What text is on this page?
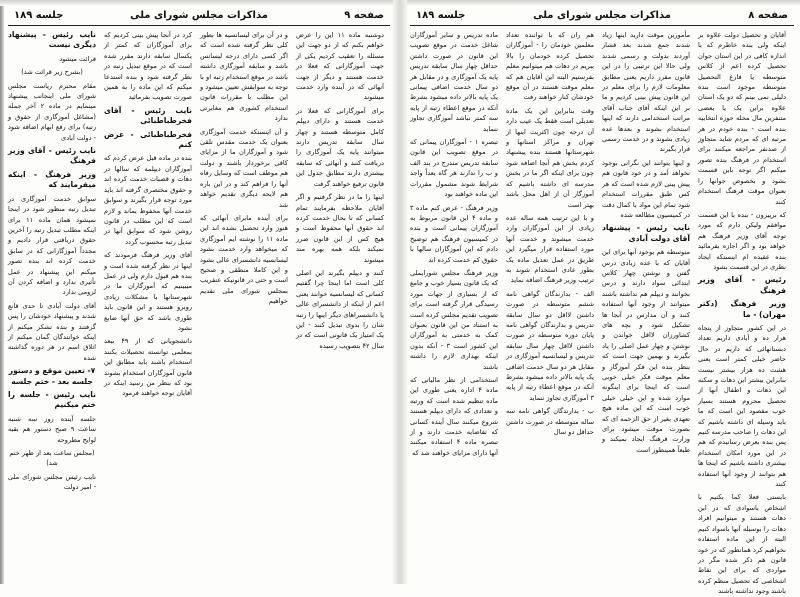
صفحه ۹
مذاکرات مجلس شورای ملی
جلسه ۱۸۹

نایب رئیس - پیشنهاد دیگری نیست

قرائت میشود

(بشرح زیر قرائت شد)

مقام محترم ریاست مجلس شورای ملی اینجانب پیشنهاد مینمایم در ماده ۲ آخر جمله (مشاغل آموزگاری از حقوق و رتبه) برای رفع ابهام اضافه شود - دولت آبادی

نایب رئیس - آقای وزیر فرهنگ

وزیر فرهنگ - اینکه میفرمایند که

سوابق خدمت آموزگاری در تبدیل رتبه منظور شود در اینجا نمیشود همان ماده ۱۱ برای اینکه مطلب تبدیل رتبه را آخرین حقوق دریافتی قرار دادیم و مجدداً آموزگارانی که در سابق خدمت کرده اند بنده تصور میکنم این پیشنهاد در عمل تأثیری ندارد و اضافه کردن آن لزومی ندارد

آقای دولت آبادی تا حدی قانع شدند و پیشنهاد خودشان را پس گرفتند و بنده تشکر میکنم از اینکه خوانندگان گمان میکنم از اتلاق اسم در هر دوره گذاشته شده

۷- تعیین موقع و دستور جلسه بعد - ختم جلسه

نایب رئیس - جلسه را ختم میکنیم

جلسه آینده روز سه شنبه ساعت ۹ صبح دستور هم بقیه لوایح مطروحه

(مجلس ساعت بعد از ظهر ختم شد)

نایب رئیس مجلس شورای ملی - امیر دولت

کرد در آنجا پیش بینی کردیم که برای آموزگاران که کمتر از یکسال سابقه دارند مقرر شده است که در موقع تبدیل رتبه در نظر گرفته شود و بنده استدعا میکنم که این ماده را به همین صورت تصویب بفرمائید

نایب رئیس - آقای فخرطباطبائی

فخرطباطبائی - عرض کنم

بنده در ماده قبل عرض کردم که آموزگاران دیپلمه که سالها در دهات و قصبات خدمت کرده اند و حقوق مختصری گرفته اند باید مورد توجه قرار بگیرند و سوابق خدمت آنها محفوظ بماند و لازم است که این مطلب در قانون روشن شود که سوابق آنها در تبدیل رتبه محسوب گردد

آقای وزیر فرهنگ فرمودند که اینها در نظر گرفته شده است و بنده هم قبول دارم ولی در عمل میبینیم که آموزگاران ما در شهرستانها با مشکلات زیادی روبرو هستند و این قانون باید طوری باشد که حق آنها ضایع نشود

دانشجویانی که از ۴۹ ببعد بمعلمی توانسته تحصیلات بکنند استخدام باشند باید مطابق این قانون آموزگاران استخدام بشوند بود که بنظر من رسید اینکه در آقایان توجه خواهند فرمود

و در آن برای لیسانسیه ها بطور کلی نظر گرفته شده است که اگر کسی دارای درجه لیسانس باشد و سابقه آموزگاری داشته باشد در موقع استخدام رتبه او با توجه به سوابقش تعیین میشود و این مطلب با مقررات قانون استخدام کشوری هم مغایرتی ندارد

و آن اینستکه خدمت آموزگاری بعنوان یک خدمت مقدس تلقی شود و آموزگاران ما از مزایای کافی برخوردار باشند و دولت هم موظف است که وسایل رفاه آنها را فراهم کند و در این باره هم لایحه دیگری تقدیم خواهد شد

برای آینده مابرای آنهائی که هنوز وارد تحصیل نشده اند این ماده ۱۱ را نوشته ایم آموزگاری که میخواهد وارد خدمت بشود لیسانسیه دانشسرای عالی بشود و این کاملا منطقی و صحیح است و حتی در قانونیکه عنقریب بمجلس شورای ملی تقدیم خواهیم

دوشنبه ماده ۱۱ این را عرض خواهم بکنم که از دو جهت این مسئله را تعقیب کردیم یکی از جهت آموزگارانی که فعلا در خدمت هستند و دیگر از جهت آنهائی که در آینده وارد خدمت میشوند

برای آموزگارانی که فعلا در خدمت هستند و دارای دیپلم کامل متوسطه هستند و چهار سال سابقه تدریس دارند میتوانند پایه یک آموزگاری را دریافت کنند و آنهائی که سابقه بیشتری دارند مطابق جدول این قانون ترفیع خواهند گرفت

اینها را ما در نظر گرفتیم و اگر آقایان ملاحظه بفرمایند تمام کسانی که تا بحال خدمت کرده اند حقوق آنها محفوظ است و هیچ کس از این قانون ضرر نمیکند بلکه همه بهره مند میشوند

کنند و دیپلم بگیرند این اصلی کلی است اما اینجا چرا گفتیم کسانی که لیسانسیه خوانند یعنی اعم از اینکه از دانشسرای عالی یا دانشسراهای دیگر اینها را رتبه شان را بدوی تبدیل کنند - این یک امتیاز یک قانونی است که در سال ۴۲ بتصویب رسیده

صفحه ۸
مذاکرات مجلس شورای ملی
جلسه ۱۸۹

ماده تدریس و سایر آموزگاران شاغل خدمت در موقع تصویب این قانون در صورت داشتن حداقل چهار سال سابقه تدریس پایه یک آموزگاری و در مقابل هر دو سال خدمت اضافی پیمانی یک پایه بالاتر داده میشود بشرط آنکه در موقع اعطاء رتبه از پایه سه کمتر نباشد آموزگاری تجاوز ننماید

تبصره ۱ - آموزگاران پیمانی که در موقع تصویب این قانون سابقه تدریس مندرج در بند الف و ب را ندارند هر گاه بعداً واجد شرایط شوند مشمول مقررات این ماده خواهند بود

وزیر فرهنگ - عرض کنم ماده ۳ و ماده ۴ این قانون مربوط به آموزگاران پیمانی است و بنده در کمیسیون فرهنگ هم توضیح دادم که این آموزگاران سالها با حقوق کم خدمت کرده اند

وزیر فرهنگ مجلس شورایملی که یک قانون بسیار خوب و جامع که از بسیاری از جهات مورد رسیدگی قرار گرفته است برای تصویب تقدیم مجلس کرده است به استناد من این قانون بعنوان کمک به خدمتی به آموزگاران این کشور است ۳ - آنکه بدون اینکه بهداری لازم را داشته باشند

استخدامی از نظر مالیاتی که ماده ۴ اداره یعنی طوری این ماده تنظیم شده است که ورتبه و تعدادی که دارای دیپلم هستند شروع میکنند سال آینده کسانی که تقاضایه خدمت دارند و از تبصره ماده ۴ استفاده میکنند آنها دارای مزایای خواهند شد که

هم ران که با تواننده تعداد معلمین خودمان را - آموزگاران تحصیل کرده خودمان را بالا ببریم در دهات هم میتوانیم معلم بفرستیم البته این آقایان هم که معلم موقت هستند در آن موقع خودشان کنار خواهند رفت

وقت بنابراین این یک ماده تعدیلی است فقط یک عیب دارد آن درجه چون اکثریت اینها از تهران و مراکز استانها و شهرستانها هستند بنده پیشنهاد کردم بخش هم آنجا اضافه شود چون برای اینکه اگر ما در بخش مدرسه ای داشته باشیم که آموزگار آن از اهل محل باشد بهتر است

و با این ترتیب همه ساله عده زیادی از این آموزگاران وارد خدمت میشوند و خدمت آنها مورد استفاده قرار میگیرد این طریق در عمل تعدیل ماده یک بطور عادی استخدام شوند به ترتیب وزیر فرهنگ اضافه نماید

الف - بدارندگان گواهی نامه ششم متوسطه در صورت داشتن لااقل دو سال سابقه تدریس و بدارندگان گواهی نامه پایان دوره متوسطه در صورت داشتن لااقل چهار سال سابقه تدریس و لیسانسیه آموزگاری در مقابل هر دو سال خدمت اضافی یک پایه بالاتر داده میشود بشرط آنکه در موقع اعطاء رتبه از پایه ۳ آموزگاری تجاوز ننماید

ب - بدارندگان گواهی نامه سه ساله متوسطه در صورت داشتن حداقل دو سال

مأمورین موقت دارید اینها زیاد شدند جمع شدند بعد فشار آوردند بدولت و رسمی شدند ولی حالا این ترتیبی را در این قانون مقرر داریم یعنی مطابق معلومات لازم را برای معلم در این قانون پیش بینی کردیم و ما بر این اینکه آقای جناب آقای مراتب استخدامی دارند که اینها استخدام بشوند و بعدها عده زیادی بشوند و در خدمت رسمی قرار بگیرند

و اینها بتوانند این نگرانی بوجود نخواهد آمد و در خود قانون هم پیش بینی لازم شده است که هر کس طبق مقررات استخدام شود تمام این مواد با کمال دقت در کمیسیون مطالعه شده

نایب رئیس - پیشنهاد آقای دولت آبادی

متوسطه هم بوجود آنها برای این آقایان که با عده زیادی درس گفتن و نوشتن چهار کلاس ابتدائی سواد دارند و درس بخوانند و دیپلم هم نداشته باشند میتوانند از وجود آنها استفاده کنند و آن مدارس در آنجا ها تشکیل شود و بچه های کشاورزان لااقل خواندن و نوشتن و چهار عمل اصلی را یاد بگیرند و بهمین جهت است که بنظر بنده این فکر آموزگار و معلم موقت فکر خیلی خوبی است که اینجا برای اینگونه موارد شده و این خیلی خیلی خوب است که این ماده هیچ تعهدی بغیر از حق الزحمه ای که بصورت موقت میشود برای وزارت فرهنگ ایجاد نمیکند و طبعاً همینطور است

آقایان و تحصیل دولت علاوه بر اینکه ولی بنده خاطرم که با اندازه کافی در این استان جوان تحصیل کرده اعم از کلاس متوسطه یا فارغ التحصیل متوسطه موجود است بنده دلیلی نمی بینم که دو یک استان علاوه براین یک یا بعضی متنفرین مال محله حوزه انتخابیه بنده است - بنده خودم در هر مرتبه ای که مردم شاید متجاوز از صدنفر مراجعه میکنند برای استخدام در فرهنگ بنده تصور میکنم اگر توجه باین قسمت بشود و بخصوص جوانها را بعنوان موقت فرهنگ استخدام کنند

که برپیرون - بنده با این قسمت موافقم ولیکن دارم که مورد توجه آقای وزیر فرهنگ هم خواهد بود و اگر اجازه بفرمائید بنده عقیده ام اینستکه ایجاد نظری در این قسمت بشود

رئیس - آقای وزیر فرهنگ

وزیر فرهنگ (دکتر مهران) - ما

در این کشور متجاوز از پنجاه هزار ده و آبادی داریم تعداد دبستانهائی که داریم در حال حاضر خیلی کمتر است یعنی هشت ده هزار بیشتر نیست بنابراین بیشتر این دهات و سکنه این دهات و اطفال آنها از تحصیل محروم هستند بسیار خوب مقصود این است که ما باید وسیله ای داشته باشیم که این دهات را صاحب مدرسه کنیم پس بنده بعرض رسانیدم که هم در این مورد امکان استخدام بیشتری داشته باشیم که اینجا ها هم بتوانند از وجود آنها استفاده کنند

بایستی فعلا کما بکنیم با اشخاص باسوادی که در این دهات هستند و میتوانیم افراد دهات را بوسیله آنها باسواد کنیم البته از این ماده استفاده نخواهیم کرد همانطور که در خود قانون هم ذکر شده مگر در مواردی که برای این نقاط اشخاصی که تحصیل منظم کرده باشند وجود نداشته باشند
